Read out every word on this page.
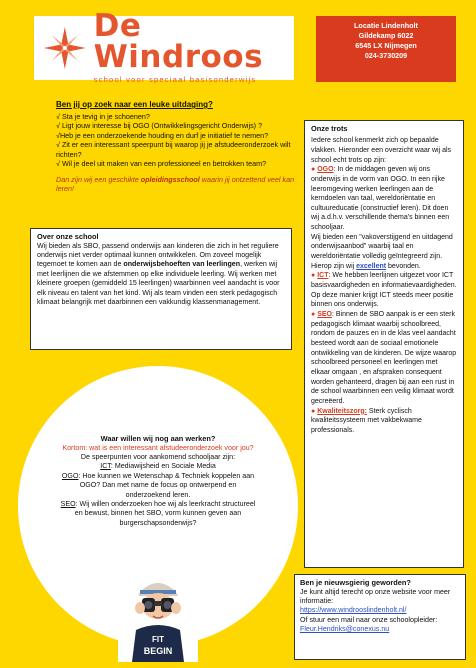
De Windroos
school voor speciaal basisonderwijs
Locatie Lindenholt
Gildekamp 6022
6545 LX Nijmegen
024-3730209
Ben jij op zoek naar een leuke uitdaging?
√ Sta je tevig in je schoenen?
√ Ligt jouw interesse bij OGO (Ontwikkelingsgericht Onderwijs) ?
√Heb je een onderzoekende houding en durf je initiatief te nemen?
√ Zit er een interessant speerpunt bij waarop jij je afstudeeronderzoek wilt richten?
√ Wil je deel uit maken van een professioneel en betrokken team?
Dan zijn wij een geschikte opleidingsschool waarin jij ontzettend veel kan leren!
Over onze school
Wij bieden als SBO, passend onderwijs aan kinderen die zich in het reguliere onderwijs niet verder optimaal kunnen ontwikkelen. Om zoveel mogelijk tegemoet te komen aan de onderwijsbehoeften van leerlingen, werken wij met leerlijnen die we afstemmen op elke individuele leerling. Wij werken met kleinere groepen (gemiddeld 15 leerlingen) waarbinnen veel aandacht is voor elk niveau en talent van het kind. Wij als team vinden een sterk pedagogisch klimaat belangrijk met daarbinnen een vakkundig klassenmanagement.
Onze trots
Iedere school kenmerkt zich op bepaalde vlakken. Hieronder een overzicht waar wij als school echt trots op zijn:
● OGO: In de middagen geven wij ons onderwijs in de vorm van OGO. In een rijke leeromgeving werken leerlingen aan de kerndoelen van taal, wereldoriëntatie en cultuureducatie (constructief leren). Dit doen wij a.d.h.v. verschillende thema's binnen een schooljaar.
Wij bieden een "vakoverstijgend en uitdagend onderwijsaanbod" waarbij taal en wereldoriëntatie volledig geïntegreerd zijn.
Hierop zijn wij excellent bevonden.
● ICT: We hebben leerlijnen uitgezet voor ICT basisvaardigheden en informatievaardigheden. Op deze manier krijgt ICT steeds meer positie binnen ons onderwijs.
● SEO: Binnen de SBO aanpak is er een sterk pedagogisch klimaat waarbij schoolbreed, rondom de pauzes en in de klas veel aandacht besteed wordt aan de sociaal emotionele ontwikkeling van de kinderen. De wijze waarop schoolbreed personeel en leerlingen met elkaar omgaan , en afspraken consequent worden gehanteerd, dragen bij aan een rust in de school waarbinnen een veilig klimaat wordt gecreëerd.
● Kwaliteitszorg: Sterk cyclisch kwaliteitssysteem met vakbekwame professionals.
Waar willen wij nog aan werken?
Kortom: wat is een interessant afstudeeronderzoek voor jou?
De speerpunten voor aankomend schooljaar zijn:
ICT: Mediawijsheid en Sociale Media
OGO: Hoe kunnen we Wetenschap & Techniek koppelen aan OGO? Dan met name de focus op ontwerpend en onderzoekend leren.
SEO: Wij willen onderzoeken hoe wij als leerkracht structureel en bewust, binnen het SBO, vorm kunnen geven aan burgerschapsonderwijs?
FIT
BEGIN
Ben je nieuwsgierig geworden?
Je kunt altijd terecht op onze website voor meer informatie:
https://www.windrooslindenholt.nl/
Of stuur een mail naar onze schoolopleider:
Fleur.Hendriks@conexus.nu
